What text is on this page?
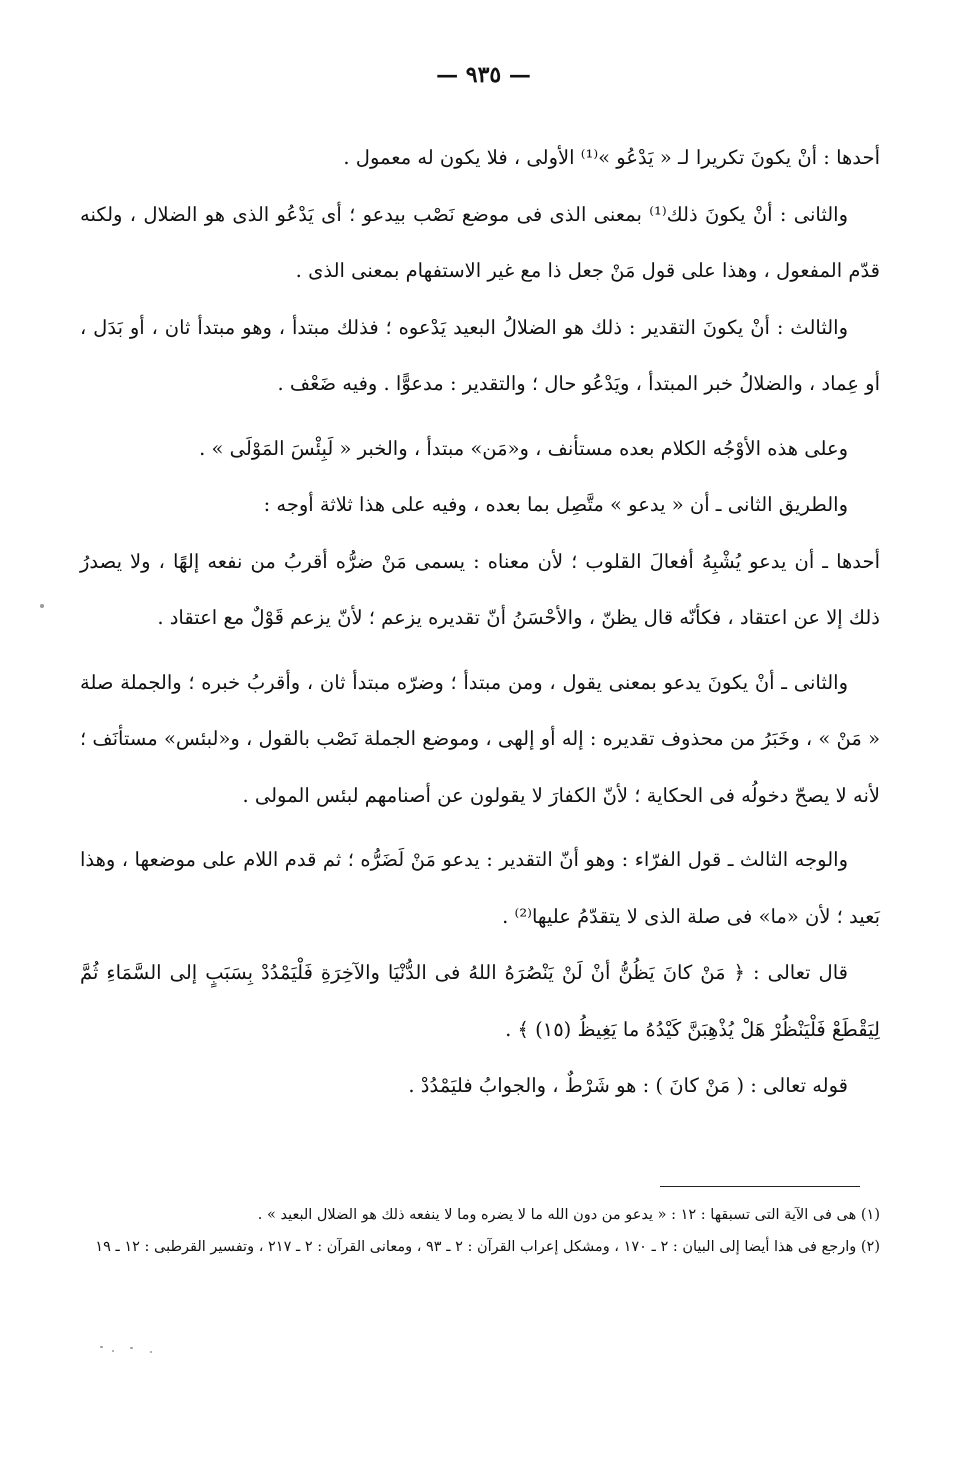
— ٩٣٥ —

أحدها : أنْ يكونَ تكريرا لـ « يَدْعُو »⁽¹⁾ الأولى ، فلا يكون له معمول .

والثانى : أنْ يكونَ ذلك⁽¹⁾ بمعنى الذى فى موضع نَصْب بيدعو ؛ أى يَدْعُو الذى هو الضلال ، ولكنه قدّم المفعول ، وهذا على قول مَنْ جعل ذا مع غير الاستفهام بمعنى الذى .

والثالث : أنْ يكونَ التقدير : ذلك هو الضلالُ البعيد يَدْعوه ؛ فذلك مبتدأ ، وهو مبتدأ ثان ، أو بَدَل ، أو عِماد ، والضلالُ خبر المبتدأ ، ويَدْعُو حال ؛ والتقدير : مدعوًّا . وفيه ضَعْف .

وعلى هذه الأوْجُه الكلام بعده مستأنف ، و«مَن» مبتدأ ، والخبر « لَبِئْسَ المَوْلَى » .

والطريق الثانى ـ أن « يدعو » متَّصِل بما بعده ، وفيه على هذا ثلاثة أوجه :

أحدها ـ أن يدعو يُشْبِهُ أفعالَ القلوب ؛ لأن معناه : يسمى مَنْ ضرُّه أقربُ من نفعه إلهًا ، ولا يصدرُ ذلك إلا عن اعتقاد ، فكأنّه قال يظنّ ، والأحْسَنُ أنّ تقديره يزعم ؛ لأنّ يزعم قَوْلٌ مع اعتقاد .

والثانى ـ أنْ يكونَ يدعو بمعنى يقول ، ومن مبتدأ ؛ وضرّه مبتدأ ثان ، وأقربُ خبره ؛ والجملة صلة « مَنْ » ، وخَبَرُ من محذوف تقديره : إله أو إلهى ، وموضع الجملة نَصْب بالقول ، و«لبئس» مستأنَف ؛ لأنه لا يصحّ دخولُه فى الحكاية ؛ لأنّ الكفارَ لا يقولون عن أصنامهم لبئس المولى .

والوجه الثالث ـ قول الفرّاء : وهو أنّ التقدير : يدعو مَنْ لَضَرُّه ؛ ثم قدم اللام على موضعها ، وهذا بَعيد ؛ لأن «ما» فى صلة الذى لا يتقدّمُ عليها⁽²⁾ .

قال تعالى : ﴿ مَنْ كانَ يَظُنُّ أنْ لَنْ يَنْصُرَهُ اللهُ فى الدُّنْيَا والآخِرَةِ فَلْيَمْدُدْ بِسَبَبٍ إلى السَّمَاءِ ثُمَّ لِيَقْطَعْ فَلْيَنْظُرْ هَلْ يُذْهِبَنَّ كَيْدُهُ ما يَغِيظُ (١٥) ﴾ .

قوله تعالى : ( مَنْ كانَ ) : هو شَرْطٌ ، والجوابُ فليَمْدُدْ .

(١) هى فى الآية التى تسبقها : ١٢ : « يدعو من دون الله ما لا يضره وما لا ينفعه ذلك هو الضلال البعيد » .

(٢) وارجع فى هذا أيضا إلى البيان : ٢ ـ ١٧٠ ، ومشكل إعراب القرآن : ٢ ـ ٩٣ ، ومعانى القرآن : ٢ ـ ٢١٧ ، وتفسير القرطبى : ١٢ ـ ١٩
